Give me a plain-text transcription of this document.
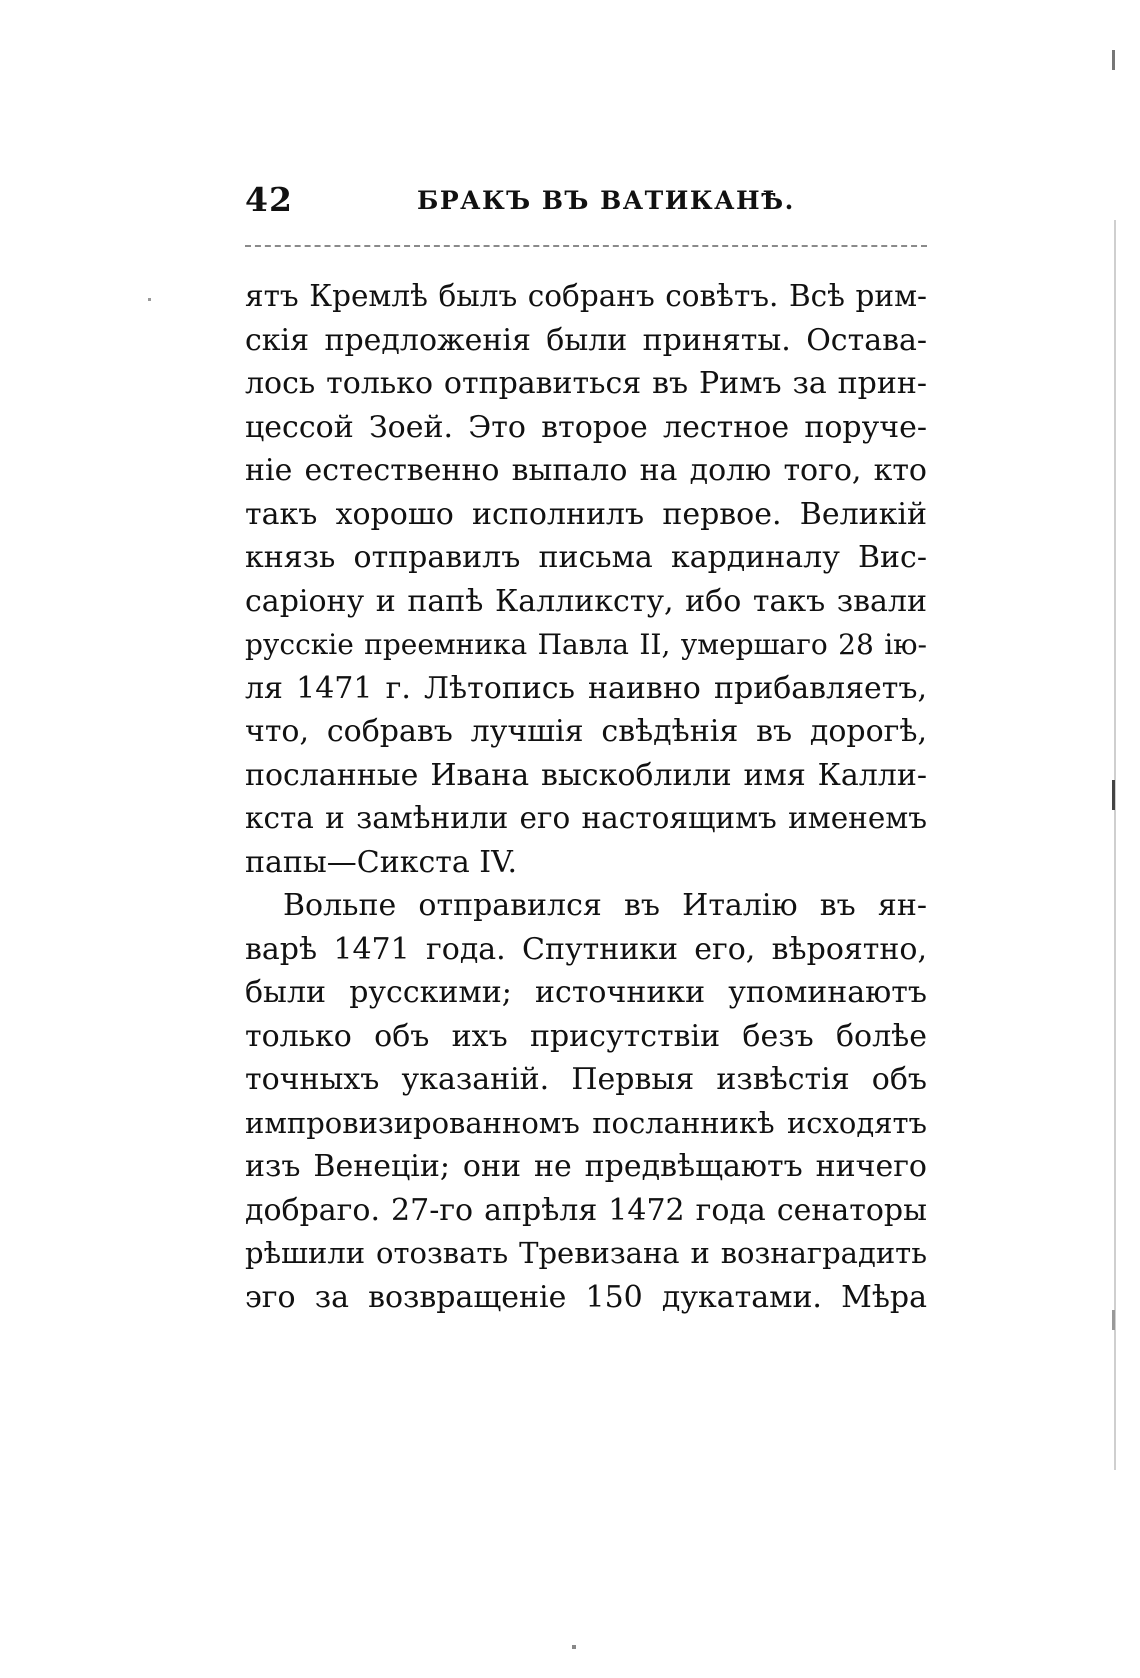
42	БРАКЪ ВЪ ВАТИКАНѢ.
ятъ Кремлѣ былъ собранъ совѣтъ. Всѣ рим-
скія предложенія были приняты. Остава-
лось только отправиться въ Римъ за прин-
цессой Зоей. Это второе лестное поруче-
ніе естественно выпало на долю того, кто
такъ хорошо исполнилъ первое. Великій
князь отправилъ письма кардиналу Вис-
саріону и папѣ Калликсту, ибо такъ звали
русскіе преемника Павла II, умершаго 28 ію-
ля 1471 г. Лѣтопись наивно прибавляетъ,
что, собравъ лучшія свѣдѣнія въ дорогѣ,
посланные Ивана выскоблили имя Калли-
кста и замѣнили его настоящимъ именемъ
папы—Сикста IV.
Вольпе отправился въ Италію въ ян-
варѣ 1471 года. Спутники его, вѣроятно,
были русскими; источники упоминаютъ
только объ ихъ присутствіи безъ болѣе
точныхъ указаній. Первыя извѣстія объ
импровизированномъ посланникѣ исходятъ
изъ Венеціи; они не предвѣщаютъ ничего
добраго. 27-го апрѣля 1472 года сенаторы
рѣшили отозвать Тревизана и вознаградить
эго за возвращеніе 150 дукатами. Мѣра
